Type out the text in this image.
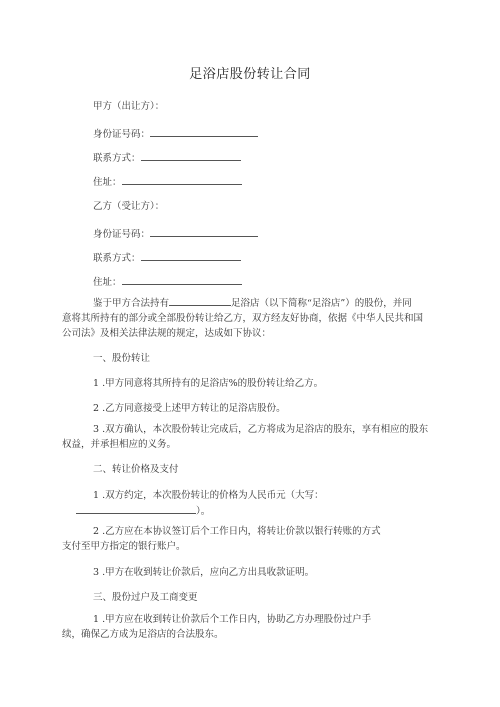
足浴店股份转让合同
甲方（出让方）：
身份证号码：
联系方式：
住址：
乙方（受让方）：
身份证号码：
联系方式：
住址：
鉴于甲方合法持有	足浴店（以下简称“足浴店”）的股份，并同
意将其所持有的部分或全部股份转让给乙方，双方经友好协商，依据《中华人民共和国
公司法》及相关法律法规的规定，达成如下协议：
一、股份转让
1 .甲方同意将其所持有的足浴店%的股份转让给乙方。
2 .乙方同意接受上述甲方转让的足浴店股份。
3 .双方确认，本次股份转让完成后，乙方将成为足浴店的股东，享有相应的股东
权益，并承担相应的义务。
二、转让价格及支付
1 .双方约定，本次股份转让的价格为人民币元（大写：
）。
2 .乙方应在本协议签订后个工作日内，将转让价款以银行转账的方式
支付至甲方指定的银行账户。
3 .甲方在收到转让价款后，应向乙方出具收款证明。
三、股份过户及工商变更
1 .甲方应在收到转让价款后个工作日内，协助乙方办理股份过户手
续，确保乙方成为足浴店的合法股东。
